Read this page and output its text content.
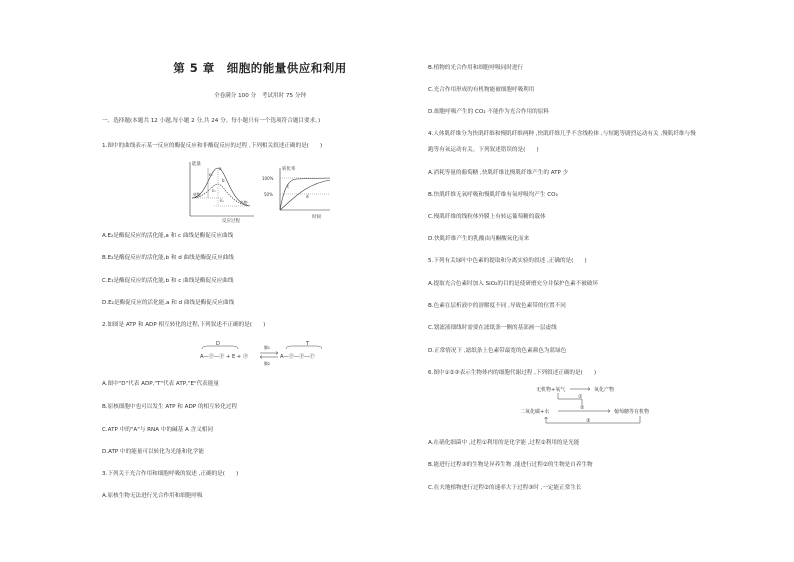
第 5 章　细胞的能量供应和利用
全卷满分 100 分　考试用时 75 分钟
一、选择题(本题共 12 小题,每小题 2 分,共 24 分。每小题只有一个选项符合题目要求。)
1.图中的曲线表示某一反应的酶促反应和非酶促反应的过程 ,下列相关叙述正确的是(　　)
能量
a
b
E₁
E₂
E₃
底物
产物
反应过程
转化率
100%
50%
c
d
时间
A.E₂是酶促反应的活化能,a 和 c 曲线是酶促反应曲线
B.E₂是酶促反应的活化能,b 和 d 曲线是酶促反应曲线
C.E₃是酶促反应的活化能,b 和 c 曲线是酶促反应曲线
D.E₂是酶促反应的活化能,a 和 d 曲线是酶促反应曲线
2.如图是 ATP 和 ADP 相互转化的过程,下列叙述不正确的是(　　)
D
A—Ⓟ—Ⓟ + E + Ⓟ
酶1
酶2
T
A—Ⓟ—Ⓟ—Ⓟ
A.图中"D"代表 ADP,"T"代表 ATP,"E"代表能量
B.原核细胞中也可以发生 ATP 和 ADP 的相互转化过程
C.ATP 中的"A"与 RNA 中的碱基 A 含义相同
D.ATP 中的能量可以转化为光能和化学能
3.下列关于光合作用和细胞呼吸的叙述 ,正确的是(　　)
A.原核生物无法进行光合作用和细胞呼吸
B.植物的光合作用和细胞呼吸同时进行
C.光合作用形成的有机物能被细胞呼吸利用
D.细胞呼吸产生的 CO₂ 不能作为光合作用的原料
4.人体肌纤维分为快肌纤维和慢肌纤维两种 ,快肌纤维几乎不含线粒体 ,与短跑等剧烈运动有关 ,慢肌纤维与慢
跑等有氧运动有关。下列叙述错误的是(　　)
A.消耗等量的葡萄糖 ,快肌纤维比慢肌纤维产生的 ATP 少
B.快肌纤维无氧呼吸和慢肌纤维有氧呼吸均产生 CO₂
C.慢肌纤维的线粒体外膜上有转运葡萄糖的载体
D.快肌纤维产生的乳酸由丙酮酸氧化而来
5.下列有关绿叶中色素的提取和分离实验的叙述 ,正确的是(　　)
A.提取光合色素时加入 SiO₂的目的是使研磨充分并保护色素不被破坏
B.色素在层析液中的溶解度不同 ,导致色素带的位置不同
C.划滤液细线时需要在滤纸条一侧的基部画一层虚线
D.正常情况下 ,滤纸条上色素带最宽的色素颜色为蓝绿色
6.图中①②③表示生物体内的细胞代谢过程 ,下列叙述正确的是(　　)
无机物+氧气	氧化产物
①
二氧化碳+水
②
葡萄糖等有机物
③
A.在硝化细菌中 ,过程①利用的是化学能 ,过程②利用的是光能
B.能进行过程③的生物是异养生物 ,能进行过程②的生物是自养生物
C.在夫地植物进行过程②的速率大于过程③时 ,一定能正常生长
